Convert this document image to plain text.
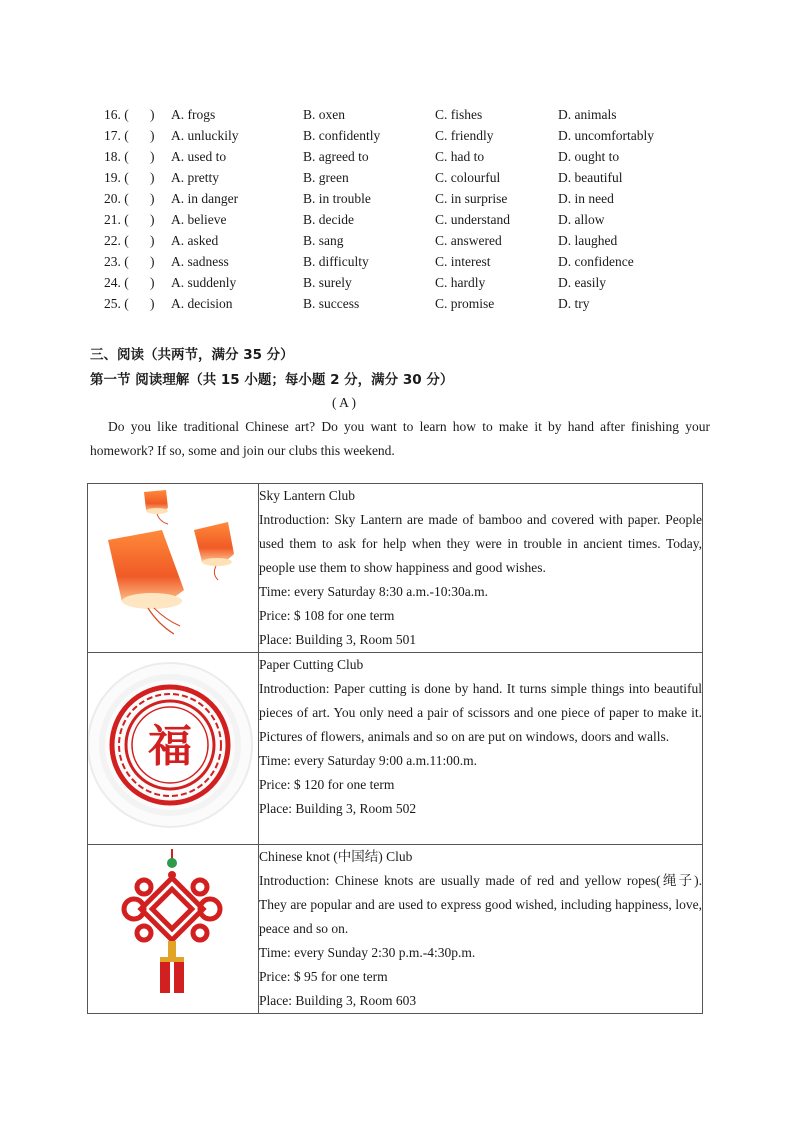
16. ( ) A. frogs	B. oxen	C. fishes	D. animals
17. ( ) A. unluckily	B. confidently	C. friendly	D. uncomfortably
18. ( ) A. used to	B. agreed to	C. had to	D. ought to
19. ( ) A. pretty	B. green	C. colourful	D. beautiful
20. ( ) A. in danger	B. in trouble	C. in surprise	D. in need
21. ( ) A. believe	B. decide	C. understand	D. allow
22. ( ) A. asked	B. sang	C. answered	D. laughed
23. ( ) A. sadness	B. difficulty	C. interest	D. confidence
24. ( ) A. suddenly	B. surely	C. hardly	D. easily
25. ( ) A. decision	B. success	C. promise	D. try
三、阅读（共两节，满分 35 分）
第一节 阅读理解（共 15 小题；每小题 2 分，满分 30 分）
( A )
Do you like traditional Chinese art? Do you want to learn how to make it by hand after finishing your homework? If so, some and join our clubs this weekend.

Sky Lantern Club

Introduction: Sky Lantern are made of bamboo and covered with paper. People used them to ask for help when they were in trouble in ancient times. Today, people use them to show happiness and good wishes.

Time: every Saturday 8:30 a.m.-10:30a.m.

Price: $ 108 for one term

Place: Building 3, Room 501

福	Paper Cutting Club

Introduction: Paper cutting is done by hand. It turns simple things into beautiful pieces of art. You only need a pair of scissors and one piece of paper to make it. Pictures of flowers, animals and so on are put on windows, doors and walls.

Time: every Saturday 9:00 a.m.11:00.m.

Price: $ 120 for one term

Place: Building 3, Room 502

Chinese knot (中国结) Club

Introduction: Chinese knots are usually made of red and yellow ropes(绳子). They are popular and are used to express good wished, including happiness, love, peace and so on.

Time: every Sunday 2:30 p.m.-4:30p.m.

Price: $ 95 for one term

Place: Building 3, Room 603
